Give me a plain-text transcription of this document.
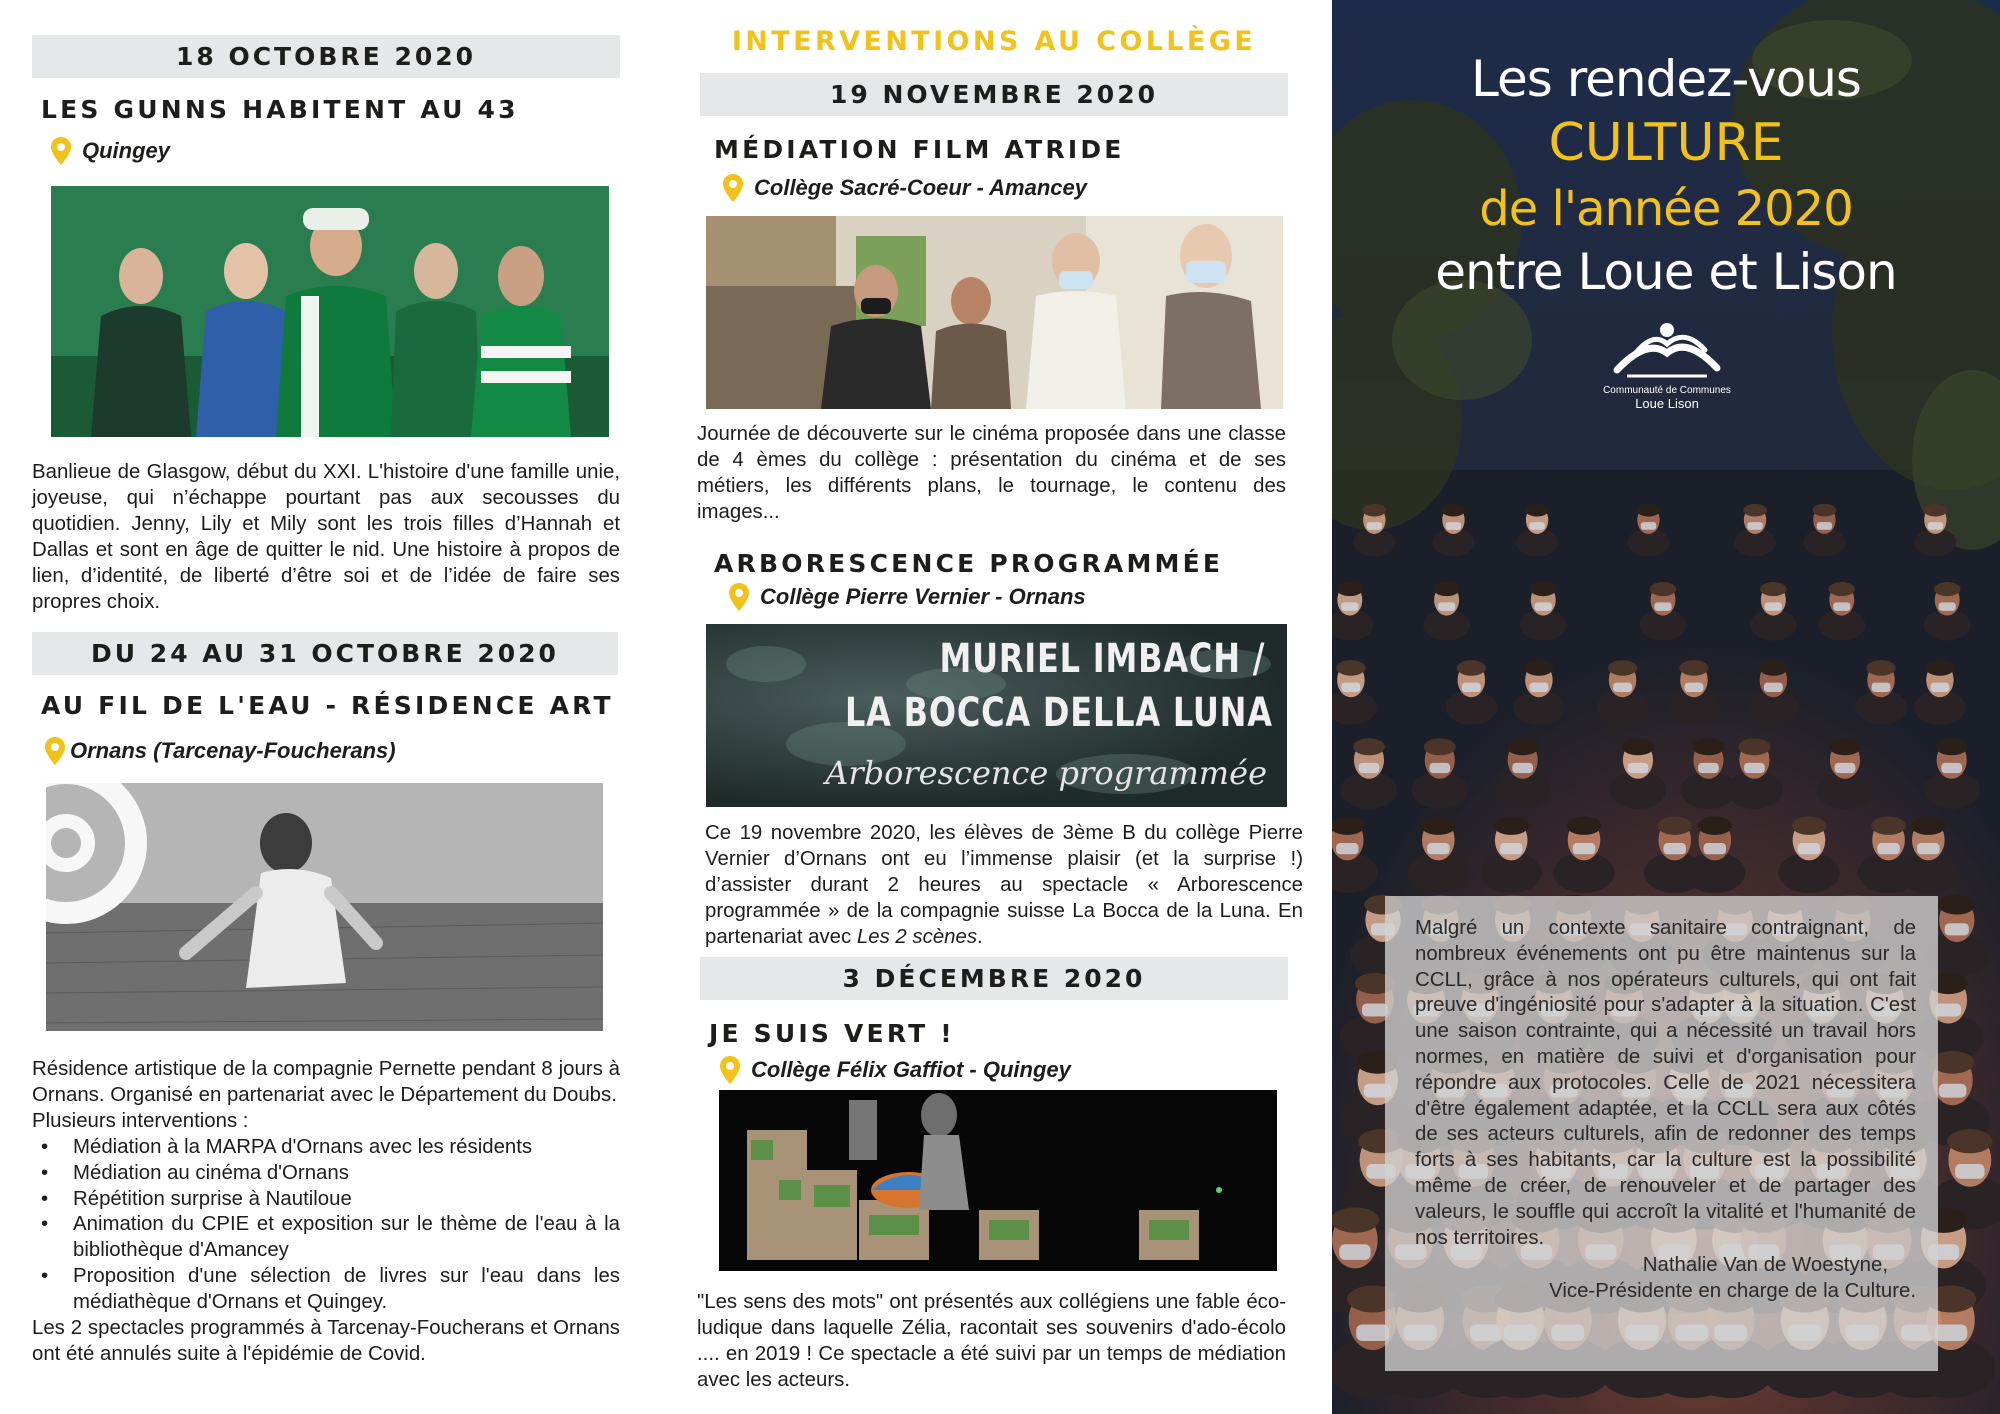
18 OCTOBRE 2020
LES GUNNS HABITENT AU 43
Quingey
Banlieue de Glasgow, début du XXI. L'histoire d'une famille unie, joyeuse, qui n’échappe pourtant pas aux secousses du quotidien. Jenny, Lily et Mily sont les trois filles d’Hannah et Dallas et sont en âge de quitter le nid. Une histoire à propos de lien, d’identité, de liberté d’être soi et de l’idée de faire ses propres choix.
DU 24 AU 31 OCTOBRE 2020
AU FIL DE L'EAU - RÉSIDENCE ART
Ornans (Tarcenay-Foucherans)
Résidence artistique de la compagnie Pernette pendant 8 jours à Ornans. Organisé en partenariat avec le Département du Doubs.
Plusieurs interventions :
• Médiation à la MARPA d'Ornans avec les résidents
• Médiation au cinéma d'Ornans
• Répétition surprise à Nautiloue
• Animation du CPIE et exposition sur le thème de l'eau à la bibliothèque d'Amancey
• Proposition d'une sélection de livres sur l'eau dans les médiathèque d'Ornans et Quingey.
Les 2 spectacles programmés à Tarcenay-Foucherans et Ornans ont été annulés suite à l'épidémie de Covid.
INTERVENTIONS AU COLLÈGE
19 NOVEMBRE 2020
MÉDIATION FILM ATRIDE
Collège Sacré-Coeur - Amancey
Journée de découverte sur le cinéma proposée dans une classe de 4 èmes du collège : présentation du cinéma et de ses métiers, les différents plans, le tournage, le contenu des images...
ARBORESCENCE PROGRAMMÉE
Collège Pierre Vernier - Ornans
MURIEL IMBACH /
LA BOCCA DELLA LUNA
Arborescence programmée
Ce 19 novembre 2020, les élèves de 3ème B du collège Pierre Vernier d’Ornans ont eu l’immense plaisir (et la surprise !) d’assister durant 2 heures au spectacle « Arborescence programmée » de la compagnie suisse La Bocca de la Luna. En partenariat avec Les 2 scènes.
3 DÉCEMBRE 2020
JE SUIS VERT !
Collège Félix Gaffiot - Quingey
"Les sens des mots" ont présentés aux collégiens une fable éco-ludique dans laquelle Zélia, racontait ses souvenirs d'ado-écolo .... en 2019 ! Ce spectacle a été suivi par un temps de médiation avec les acteurs.
Les rendez-vous
CULTURE
de l'année 2020
entre Loue et Lison
Communauté de Communes
Loue Lison
Malgré un contexte sanitaire contraignant, de nombreux événements ont pu être maintenus sur la CCLL, grâce à nos opérateurs culturels, qui ont fait preuve d'ingéniosité pour s'adapter à la situation. C'est une saison contrainte, qui a nécessité un travail hors normes, en matière de suivi et d'organisation pour répondre aux protocoles. Celle de 2021 nécessitera d'être également adaptée, et la CCLL sera aux côtés de ses acteurs culturels, afin de redonner des temps forts à ses habitants, car la culture est la possibilité même de créer, de renouveler et de partager des valeurs, le souffle qui accroît la vitalité et l'humanité de nos territoires.
Nathalie Van de Woestyne,
Vice-Présidente en charge de la Culture.
